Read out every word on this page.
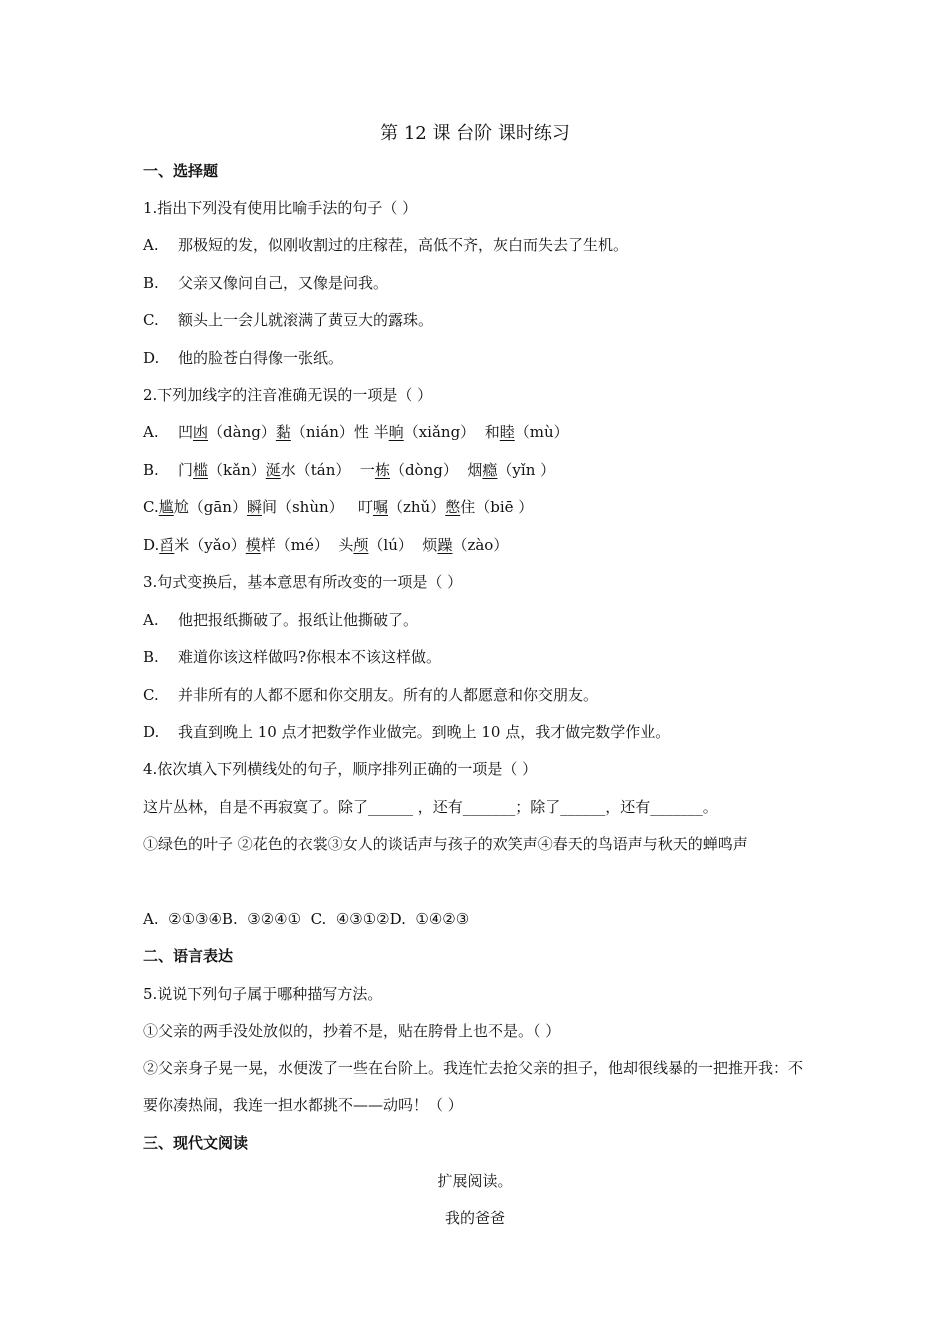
第 12 课 台阶 课时练习
一、选择题
1.指出下列没有使用比喻手法的句子（ ）
A. 那极短的发，似刚收割过的庄稼茬，高低不齐，灰白而失去了生机。
B. 父亲又像问自己，又像是问我。
C. 额头上一会儿就滚满了黄豆大的露珠。
D. 他的脸苍白得像一张纸。
2.下列加线字的注音准确无误的一项是（ ）
A. 凹凼（dàng）黏（nián）性 半晌（xiǎng）  和睦（mù）
B. 门槛（kǎn）涎水（tán）  一栋（dòng）  烟瘾（yǐn ）
C.尴尬（gān）瞬间（shùn）   叮嘱（zhǔ）憋住（biē ）
D.舀米（yǎo）模样（mé）  头颅（lú）  烦躁（zào）
3.句式变换后，基本意思有所改变的一项是（ ）
A. 他把报纸撕破了。报纸让他撕破了。
B. 难道你该这样做吗?你根本不该这样做。
C. 并非所有的人都不愿和你交朋友。所有的人都愿意和你交朋友。
D. 我直到晚上 10 点才把数学作业做完。到晚上 10 点，我才做完数学作业。
4.依次填入下列横线处的句子，顺序排列正确的一项是（ ）
这片丛林，自是不再寂寞了。除了______ ，还有_______；除了______，还有_______。
①绿色的叶子 ②花色的衣裳③女人的谈话声与孩子的欢笑声④春天的鸟语声与秋天的蝉鸣声
A.  ②①③④B.  ③②④①  C.  ④③①②D.  ①④②③
二、语言表达
5.说说下列句子属于哪种描写方法。
①父亲的两手没处放似的，抄着不是，贴在胯骨上也不是。（ ）
②父亲身子晃一晃，水便泼了一些在台阶上。我连忙去抢父亲的担子，他却很线暴的一把推开我：不要你凑热闹，我连一担水都挑不——动吗！（ ）
三、现代文阅读
扩展阅读。
我的爸爸
